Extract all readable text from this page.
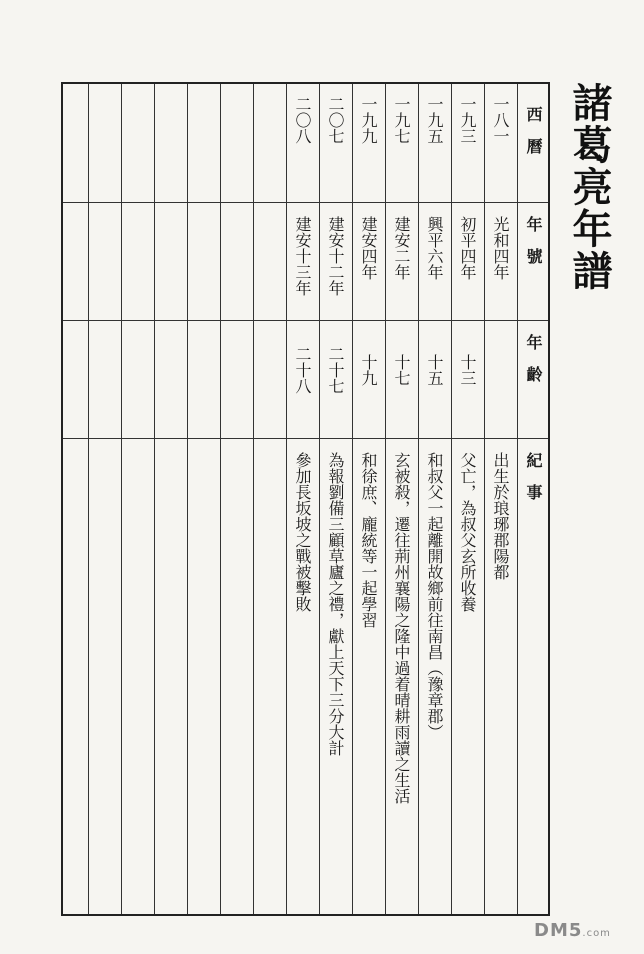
諸葛亮年譜
西　曆
年　號
年　齡
紀　事
一八一
光和四年
出生於琅琊郡陽都
一九三
初平四年
十三
父亡，為叔父玄所收養
一九五
興平六年
十五
和叔父一起離開故鄉前往南昌（豫章郡）
一九七
建安二年
十七
玄被殺，遷往荊州襄陽之隆中過着晴耕雨讀之生活
一九九
建安四年
十九
和徐庶、龐統等一起學習
二〇七
建安十二年
二十七
為報劉備三顧草廬之禮，獻上天下三分大計
二〇八
建安十三年
二十八
參加長坂坡之戰被擊敗
DM5.com
